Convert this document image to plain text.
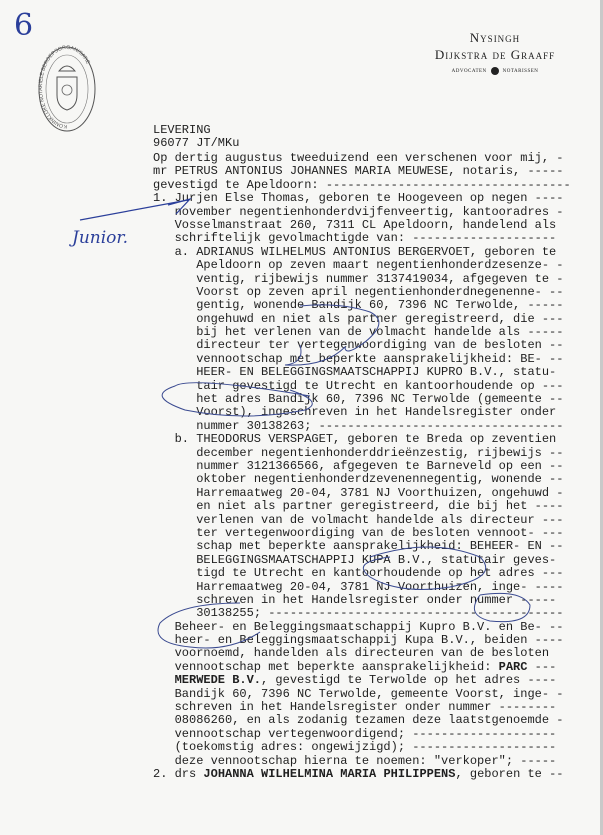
6
KONINKLIJKE NOTARIELE BEROEPSORGANISATIE
Nysingh
Dijkstra de Graaff
ADVOCATEN	NOTARISSEN
LEVERING
96077 JT/MKu
Op dertig augustus tweeduizend een verschenen voor mij, -
mr PETRUS ANTONIUS JOHANNES MARIA MEUWESE, notaris, -----
gevestigd te Apeldoorn: ----------------------------------
1. Jurjen Else Thomas, geboren te Hoogeveen op negen ----
november negentienhonderdvijfenveertig, kantooradres -
Vosselmanstraat 260, 7311 CL Apeldoorn, handelend als
schriftelijk gevolmachtigde van: --------------------
a. ADRIANUS WILHELMUS ANTONIUS BERGERVOET, geboren te
Apeldoorn op zeven maart negentienhonderdzesenze- -
ventig, rijbewijs nummer 3137419034, afgegeven te -
Voorst op zeven april negentienhonderdnegenenne- --
gentig, wonende Bandijk 60, 7396 NC Terwolde, -----
ongehuwd en niet als partner geregistreerd, die ---
bij het verlenen van de volmacht handelde als -----
directeur ter vertegenwoordiging van de besloten --
vennootschap met beperkte aansprakelijkheid: BE- --
HEER- EN BELEGGINGSMAATSCHAPPIJ KUPRO B.V., statu-
tair gevestigd te Utrecht en kantoorhoudende op ---
het adres Bandijk 60, 7396 NC Terwolde (gemeente --
Voorst), ingeschreven in het Handelsregister onder
nummer 30138263; ----------------------------------
b. THEODORUS VERSPAGET, geboren te Breda op zeventien
december negentienhonderddrieënzestig, rijbewijs --
nummer 3121366566, afgegeven te Barneveld op een --
oktober negentienhonderdzevenennegentig, wonende --
Harremaatweg 20-04, 3781 NJ Voorthuizen, ongehuwd -
en niet als partner geregistreerd, die bij het ----
verlenen van de volmacht handelde als directeur ---
ter vertegenwoordiging van de besloten vennoot- ---
schap met beperkte aansprakelijkheid: BEHEER- EN --
BELEGGINGSMAATSCHAPPIJ KUPA B.V., statutair geves-
tigd te Utrecht en kantoorhoudende op het adres ---
Harremaatweg 20-04, 3781 NJ Voorthuizen, inge- ----
schreven in het Handelsregister onder nummer -----
30138255; -----------------------------------------
Beheer- en Beleggingsmaatschappij Kupro B.V. en Be- --
heer- en Beleggingsmaatschappij Kupa B.V., beiden ----
voornoemd, handelden als directeuren van de besloten
vennootschap met beperkte aansprakelijkheid: PARC ---
MERWEDE B.V., gevestigd te Terwolde op het adres ----
Bandijk 60, 7396 NC Terwolde, gemeente Voorst, inge- -
schreven in het Handelsregister onder nummer --------
08086260, en als zodanig tezamen deze laatstgenoemde -
vennootschap vertegenwoordigend; --------------------
(toekomstig adres: ongewijzigd); --------------------
deze vennootschap hierna te noemen: "verkoper"; -----
2. drs JOHANNA WILHELMINA MARIA PHILIPPENS, geboren te --
Junior.
